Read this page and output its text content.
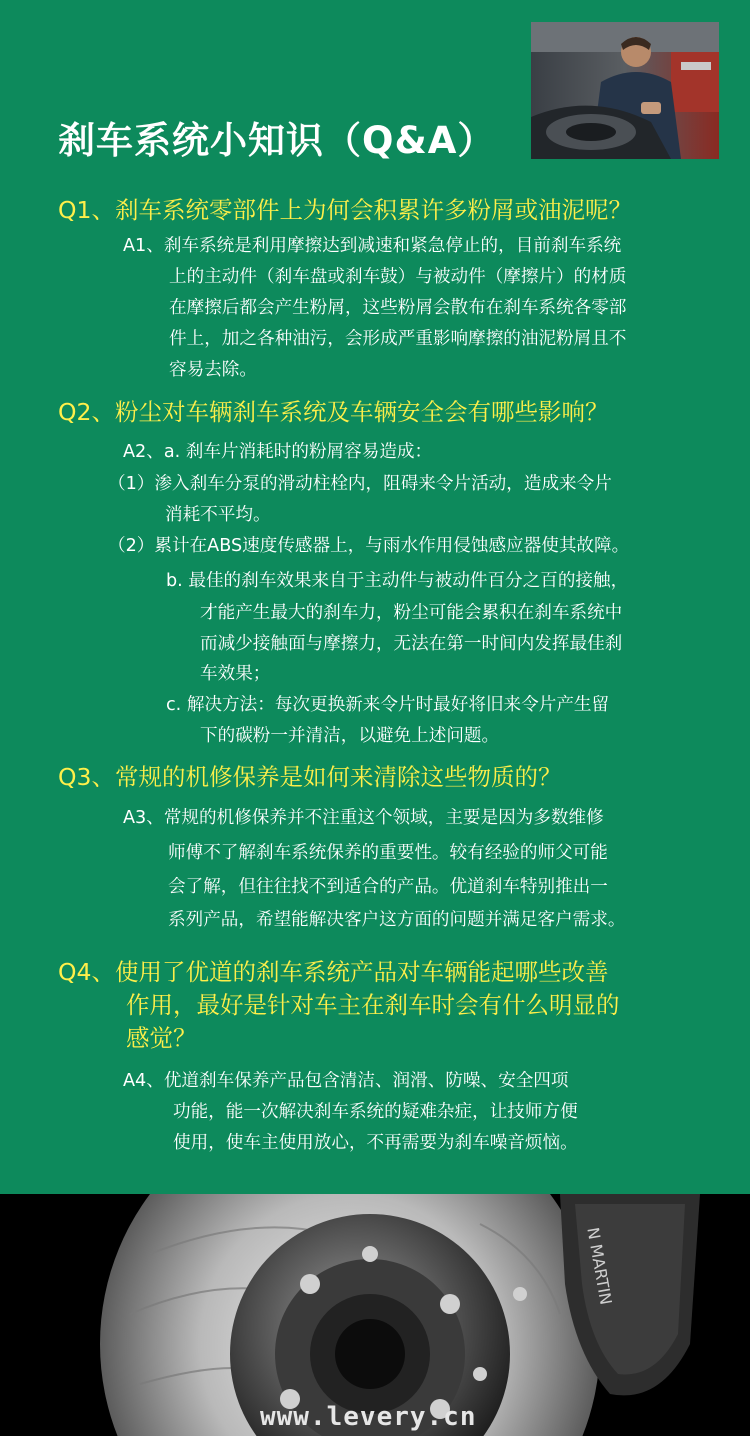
刹车系统小知识（Q&A）
Q1、刹车系统零部件上为何会积累许多粉屑或油泥呢？
A1、刹车系统是利用摩擦达到减速和紧急停止的，目前刹车系统
上的主动件（刹车盘或刹车鼓）与被动件（摩擦片）的材质
在摩擦后都会产生粉屑，这些粉屑会散布在刹车系统各零部
件上，加之各种油污，会形成严重影响摩擦的油泥粉屑且不
容易去除。
Q2、粉尘对车辆刹车系统及车辆安全会有哪些影响？
A2、a. 刹车片消耗时的粉屑容易造成：
（1）渗入刹车分泵的滑动柱栓内，阻碍来令片活动，造成来令片
消耗不平均。
（2）累计在ABS速度传感器上，与雨水作用侵蚀感应器使其故障。
b. 最佳的刹车效果来自于主动件与被动件百分之百的接触，
才能产生最大的刹车力，粉尘可能会累积在刹车系统中
而减少接触面与摩擦力，无法在第一时间内发挥最佳刹
车效果；
c. 解决方法：每次更换新来令片时最好将旧来令片产生留
下的碳粉一并清洁，以避免上述问题。
Q3、常规的机修保养是如何来清除这些物质的？
A3、常规的机修保养并不注重这个领域，主要是因为多数维修
师傅不了解刹车系统保养的重要性。较有经验的师父可能
会了解，但往往找不到适合的产品。优道刹车特别推出一
系列产品，希望能解决客户这方面的问题并满足客户需求。
Q4、使用了优道的刹车系统产品对车辆能起哪些改善
作用，最好是针对车主在刹车时会有什么明显的
感觉？
A4、优道刹车保养产品包含清洁、润滑、防噪、安全四项
功能，能一次解决刹车系统的疑难杂症，让技师方便
使用，使车主使用放心，不再需要为刹车噪音烦恼。
N MARTIN
www.levery.cn
